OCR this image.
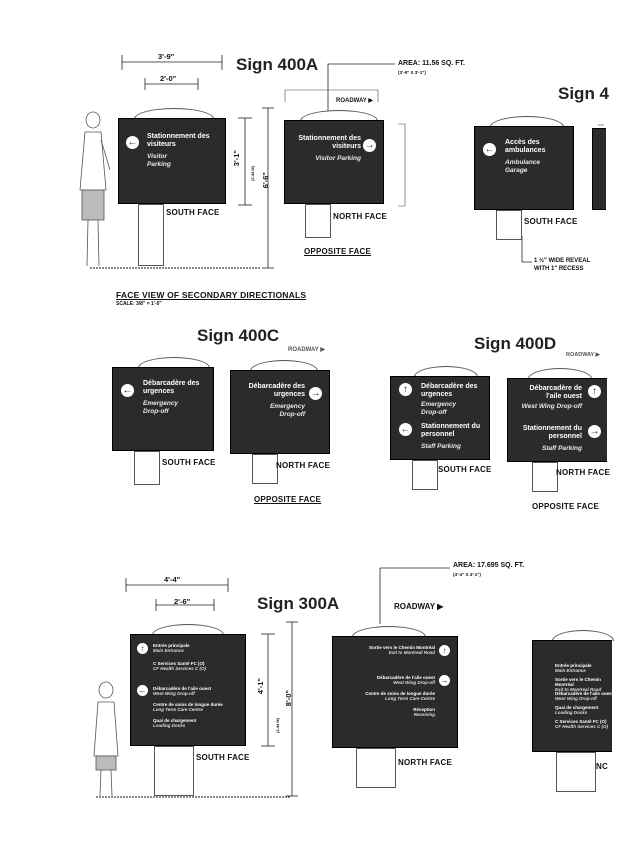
3'-9"
2'-0"
3'-1"
6'-6"
(2.44 M)
Sign 400A
Sign 4
AREA: 11.56 SQ. FT.
(3'-9" X 3'-1")
ROADWAY ▶
←
Stationnement des visiteurs
Visitor Parking
SOUTH FACE
→
Stationnement des visiteurs
Visitor Parking
NORTH FACE
OPPOSITE FACE
←
Accès des ambulances
Ambulance Garage
SOUTH FACE
1 ½" WIDE REVEAL
WITH 1" RECESS
FACE VIEW OF SECONDARY DIRECTIONALS
SCALE: 3/8" = 1'-0"
Sign 400C
ROADWAY ▶	Sign 400D
ROADWAY ▶
←
Débarcadère des urgences
Emergency Drop-off
SOUTH FACE
→
Débarcadère des urgences
Emergency Drop-off
NORTH FACE
OPPOSITE FACE
↑	Débarcadère des urgences
Emergency Drop-off
← Stationnement du personnel
Staff Parking
SOUTH FACE
↑
Débarcadère de l'aile ouest
West Wing Drop-off
→
Stationnement du personnel
Staff Parking
NORTH FACE
OPPOSITE FACE
4'-4"
2'-6"
4'-1"
8'-0"
(2.44 M)
Sign 300A
AREA: 17.695 SQ. FT.
(4'-4" X 4'-1")
ROADWAY ▶
↑	Entrée principale
Main Entrance
C Services Santé FC (O)
CF Health Services C (O)
←	Débarcadère de l'aile ouest
West Wing Drop-off
Centre de soins de longue durée
Long Term Care Centre
Quai de chargement
Loading Docks
SOUTH FACE
↑
Sortie vers le Chemin Montréal
Exit to Montreal Road
→
Débarcadère de l'aile ouest
West Wing Drop-off
Centre de soins de longue durée
Long Term Care Centre
Réception
Receiving
NORTH FACE
Entrée principale
Main Entrance
Sortie vers le Chemin Montréal
Exit to Montreal Road
Débarcadère de l'aile ouest
West Wing Drop-off
Quai de chargement
Loading Docks
C Services Santé FC (O)
CF Health Services C (O)
NC
